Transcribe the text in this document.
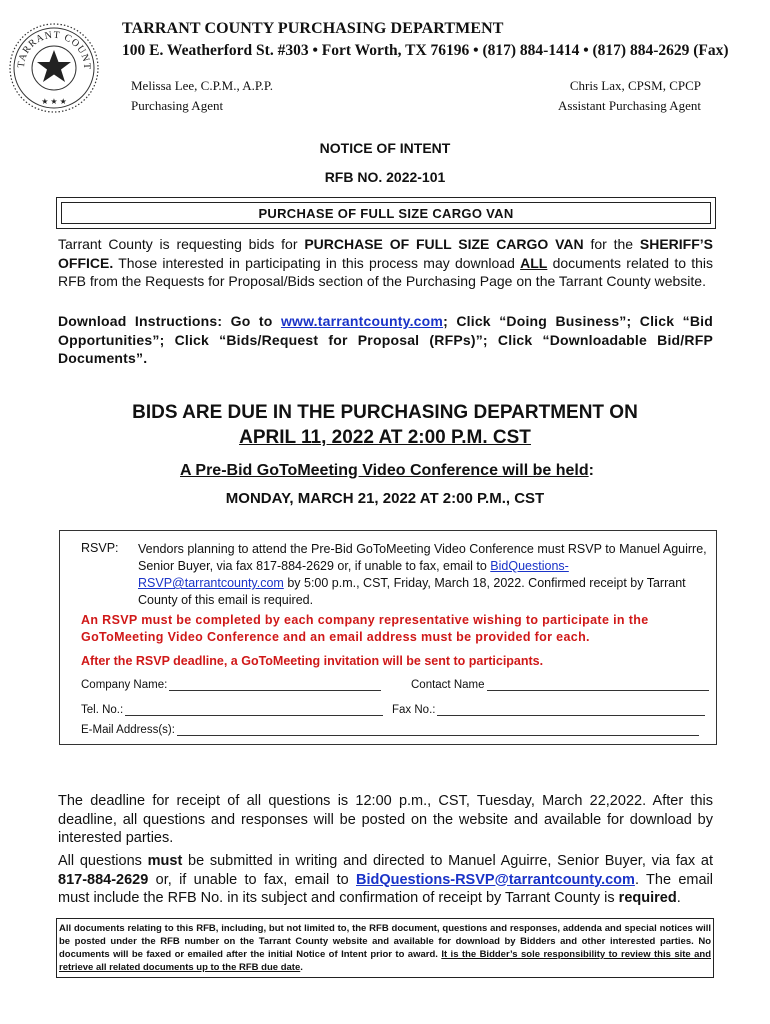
TARRANT COUNT
★ ★ ★
TARRANT COUNTY PURCHASING DEPARTMENT
100 E. Weatherford St. #303 • Fort Worth, TX 76196 • (817) 884-1414 • (817) 884-2629 (Fax)
Melissa Lee, C.P.M., A.P.P.
Purchasing Agent
Chris Lax, CPSM, CPCP
Assistant Purchasing Agent
NOTICE OF INTENT
RFB NO. 2022-101
PURCHASE OF FULL SIZE CARGO VAN
Tarrant County is requesting bids for PURCHASE OF FULL SIZE CARGO VAN for the SHERIFF’S OFFICE. Those interested in participating in this process may download ALL documents related to this RFB from the Requests for Proposal/Bids section of the Purchasing Page on the Tarrant County website.
Download Instructions: Go to www.tarrantcounty.com; Click “Doing Business”; Click “Bid Opportunities”; Click “Bids/Request for Proposal (RFPs)”; Click “Downloadable Bid/RFP Documents”.
BIDS ARE DUE IN THE PURCHASING DEPARTMENT ON
APRIL 11, 2022 AT 2:00 P.M. CST
A Pre-Bid GoToMeeting Video Conference will be held:
MONDAY, MARCH 21, 2022 AT 2:00 P.M., CST
RSVP: Vendors planning to attend the Pre-Bid GoToMeeting Video Conference must RSVP to Manuel Aguirre, Senior Buyer, via fax 817-884-2629 or, if unable to fax, email to BidQuestions-RSVP@tarrantcounty.com by 5:00 p.m., CST, Friday, March 18, 2022. Confirmed receipt by Tarrant County of this email is required.
An RSVP must be completed by each company representative wishing to participate in the GoToMeeting Video Conference and an email address must be provided for each.
After the RSVP deadline, a GoToMeeting invitation will be sent to participants.
Company Name:	Contact Name
Tel. No.:	Fax No.:
E-Mail Address(s):
The deadline for receipt of all questions is 12:00 p.m., CST, Tuesday, March 22,2022. After this deadline, all questions and responses will be posted on the website and available for download by interested parties.
All questions must be submitted in writing and directed to Manuel Aguirre, Senior Buyer, via fax at 817-884-2629 or, if unable to fax, email to BidQuestions-RSVP@tarrantcounty.com. The email must include the RFB No. in its subject and confirmation of receipt by Tarrant County is required.
All documents relating to this RFB, including, but not limited to, the RFB document, questions and responses, addenda and special notices will be posted under the RFB number on the Tarrant County website and available for download by Bidders and other interested parties. No documents will be faxed or emailed after the initial Notice of Intent prior to award. It is the Bidder’s sole responsibility to review this site and retrieve all related documents up to the RFB due date.
